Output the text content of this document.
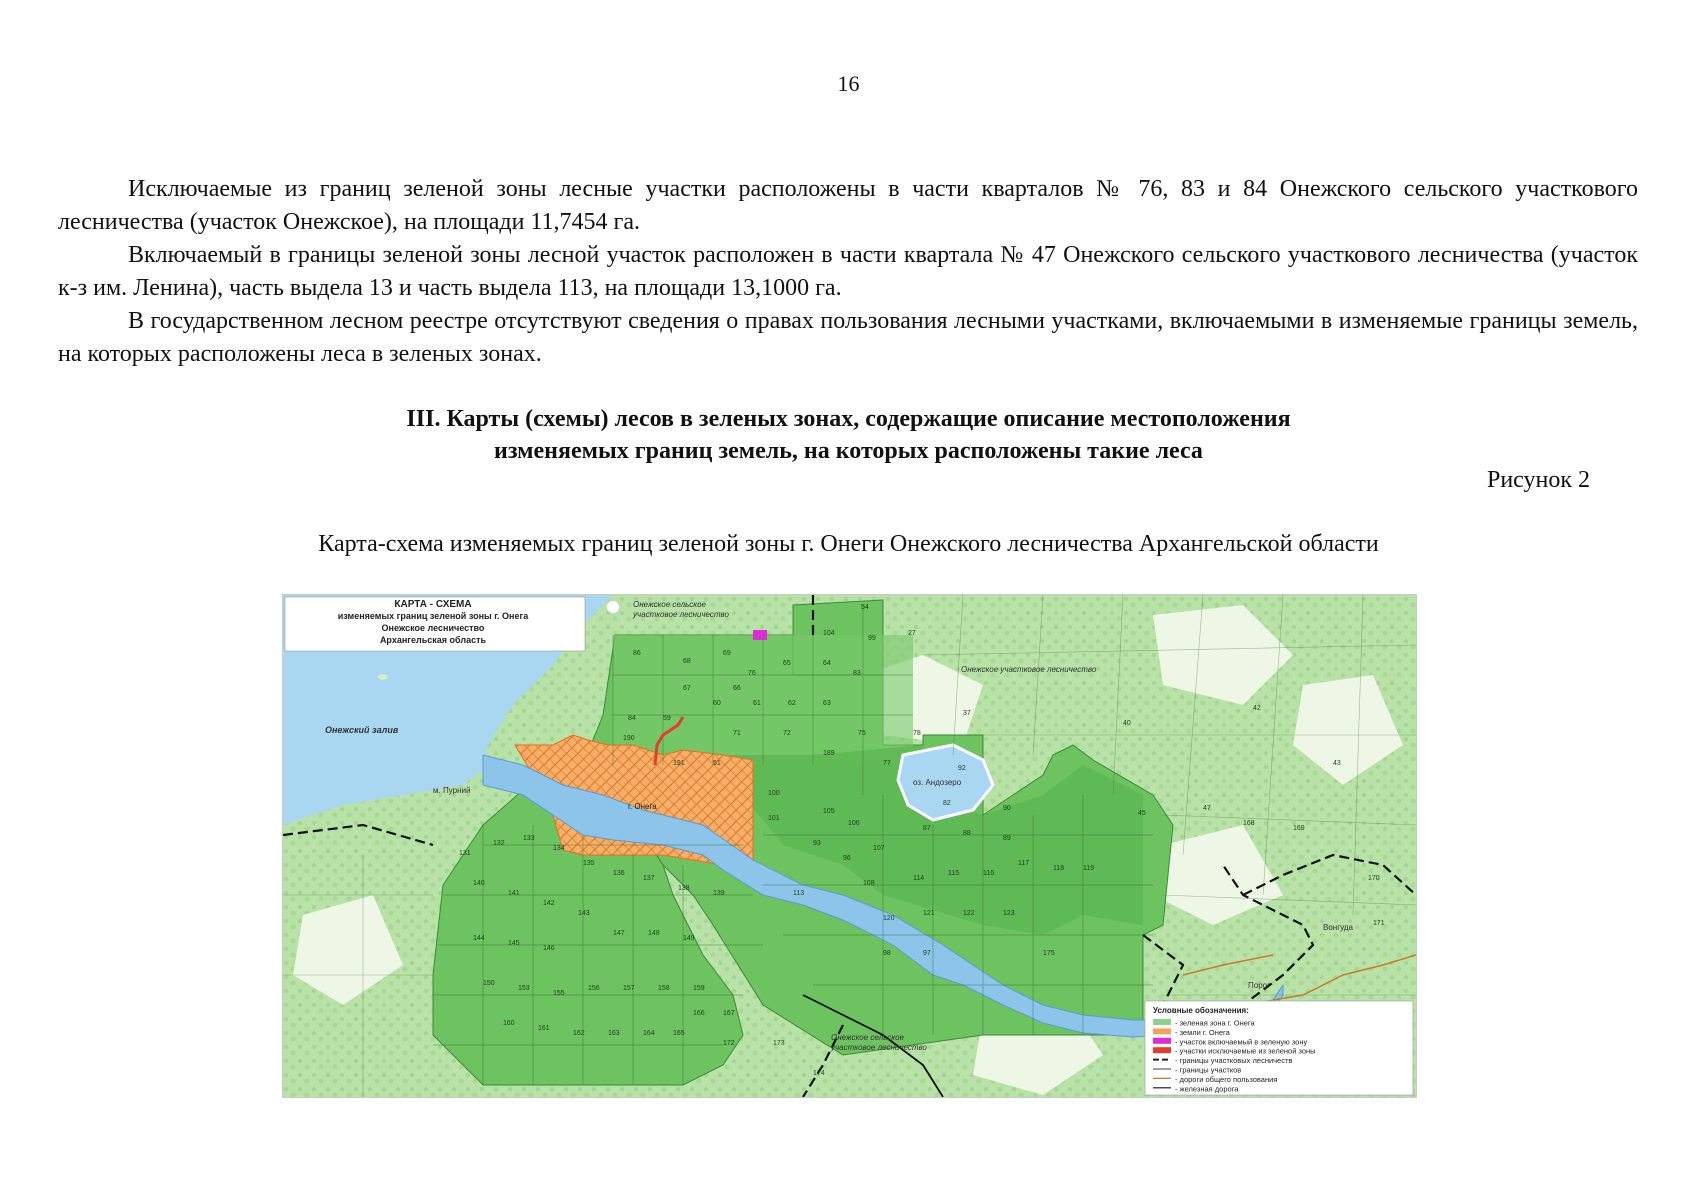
16
Исключаемые из границ зеленой зоны лесные участки расположены в части кварталов № 76, 83 и 84 Онежского сельского участкового лесничества (участок Онежское), на площади 11,7454 га.
Включаемый в границы зеленой зоны лесной участок расположен в части квартала № 47 Онежского сельского участкового лесничества (участок к-з им. Ленина), часть выдела 13 и часть выдела 113, на площади 13,1000 га.
В государственном лесном реестре отсутствуют сведения о правах пользования лесными участками, включаемыми в изменяемые границы земель, на которых расположены леса в зеленых зонах.
III. Карты (схемы) лесов в зеленых зонах, содержащие описание местоположения
изменяемых границ земель, на которых расположены такие леса
Рисунок 2
Карта-схема изменяемых границ зеленой зоны г. Онеги Онежского лесничества Архангельской области
КАРТА - СХЕМА
изменяемых границ зеленой зоны г. Онега
Онежское лесничество
Архангельская область
Онежский залив
м. Пурний
г. Онега
Онежское участковое лесничество
Онежское сельское
участковое лесничество
Онежское сельское
участковое лесничество
оз. Андозеро
Вонгуда
Порог
54
27
69
68
67	66
65	64
63
62
61
60
37
40
42
43
45
47
92
90
100
101
105
106
107
108
113
114
115	116
117
118	119
120
121	122	123
131
132
133
134
135
136
137
138
139
140
141
142
143
144
145
146
147	148
149
150
153
155
156	157	158	159
160
161
162	163	164	165
166	167
168
169
170
171
172	173
174
175
189
190
191	51
86
76	83
84	59
71	72	75
77
78
82
87
88
89
93
96
98	97
99
104
Условные обозначения:
- зеленая зона г. Онега
- земли г. Онега
- участок включаемый в зеленую зону
- участки исключаемые из зеленой зоны
- границы участковых лесничеств
- границы участков
- дороги общего пользования
- железная дорога
